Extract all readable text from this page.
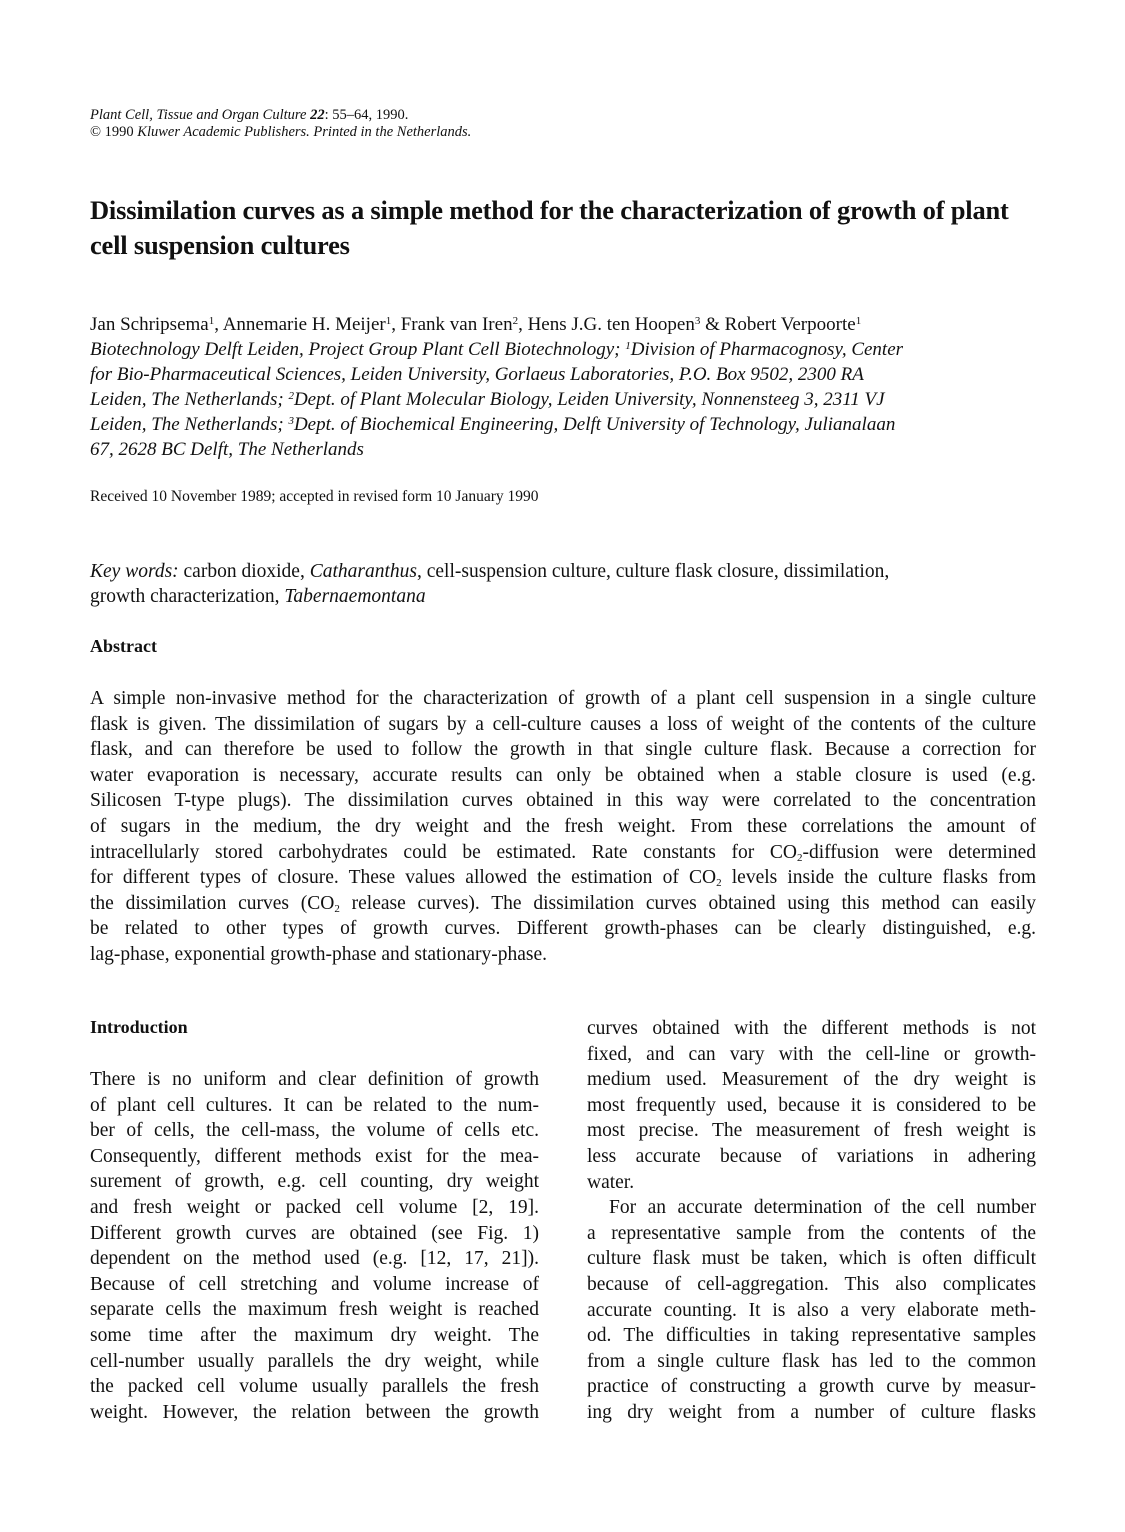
Plant Cell, Tissue and Organ Culture 22: 55–64, 1990.
© 1990 Kluwer Academic Publishers. Printed in the Netherlands.
Dissimilation curves as a simple method for the characterization of growth of plant cell suspension cultures
Jan Schripsema$^1$, Annemarie H. Meijer$^1$, Frank van Iren$^2$, Hens J.G. ten Hoopen$^3$ & Robert Verpoorte$^1$
Biotechnology Delft Leiden, Project Group Plant Cell Biotechnology; $^1$Division of Pharmacognosy, Center
for Bio-Pharmaceutical Sciences, Leiden University, Gorlaeus Laboratories, P.O. Box 9502, 2300 RA
Leiden, The Netherlands; $^2$Dept. of Plant Molecular Biology, Leiden University, Nonnensteeg 3, 2311 VJ
Leiden, The Netherlands; $^3$Dept. of Biochemical Engineering, Delft University of Technology, Julianalaan
67, 2628 BC Delft, The Netherlands
Received 10 November 1989; accepted in revised form 10 January 1990
Key words: carbon dioxide, Catharanthus, cell-suspension culture, culture flask closure, dissimilation,
growth characterization, Tabernaemontana
Abstract
A simple non-invasive method for the characterization of growth of a plant cell suspension in a single culture
flask is given. The dissimilation of sugars by a cell-culture causes a loss of weight of the contents of the culture
flask, and can therefore be used to follow the growth in that single culture flask. Because a correction for
water evaporation is necessary, accurate results can only be obtained when a stable closure is used (e.g.
Silicosen T-type plugs). The dissimilation curves obtained in this way were correlated to the concentration
of sugars in the medium, the dry weight and the fresh weight. From these correlations the amount of
intracellularly stored carbohydrates could be estimated. Rate constants for $CO_2$-diffusion were determined
for different types of closure. These values allowed the estimation of $CO_2$ levels inside the culture flasks from
the dissimilation curves ($CO_2$ release curves). The dissimilation curves obtained using this method can easily
be related to other types of growth curves. Different growth-phases can be clearly distinguished, e.g.
lag-phase, exponential growth-phase and stationary-phase.
Introduction
There is no uniform and clear definition of growth
of plant cell cultures. It can be related to the num-
ber of cells, the cell-mass, the volume of cells etc.
Consequently, different methods exist for the mea-
surement of growth, e.g. cell counting, dry weight
and fresh weight or packed cell volume [2, 19].
Different growth curves are obtained (see Fig. 1)
dependent on the method used (e.g. [12, 17, 21]).
Because of cell stretching and volume increase of
separate cells the maximum fresh weight is reached
some time after the maximum dry weight. The
cell-number usually parallels the dry weight, while
the packed cell volume usually parallels the fresh
weight. However, the relation between the growth
curves obtained with the different methods is not
fixed, and can vary with the cell-line or growth-
medium used. Measurement of the dry weight is
most frequently used, because it is considered to be
most precise. The measurement of fresh weight is
less accurate because of variations in adhering
water.
For an accurate determination of the cell number
a representative sample from the contents of the
culture flask must be taken, which is often difficult
because of cell-aggregation. This also complicates
accurate counting. It is also a very elaborate meth-
od. The difficulties in taking representative samples
from a single culture flask has led to the common
practice of constructing a growth curve by measur-
ing dry weight from a number of culture flasks
